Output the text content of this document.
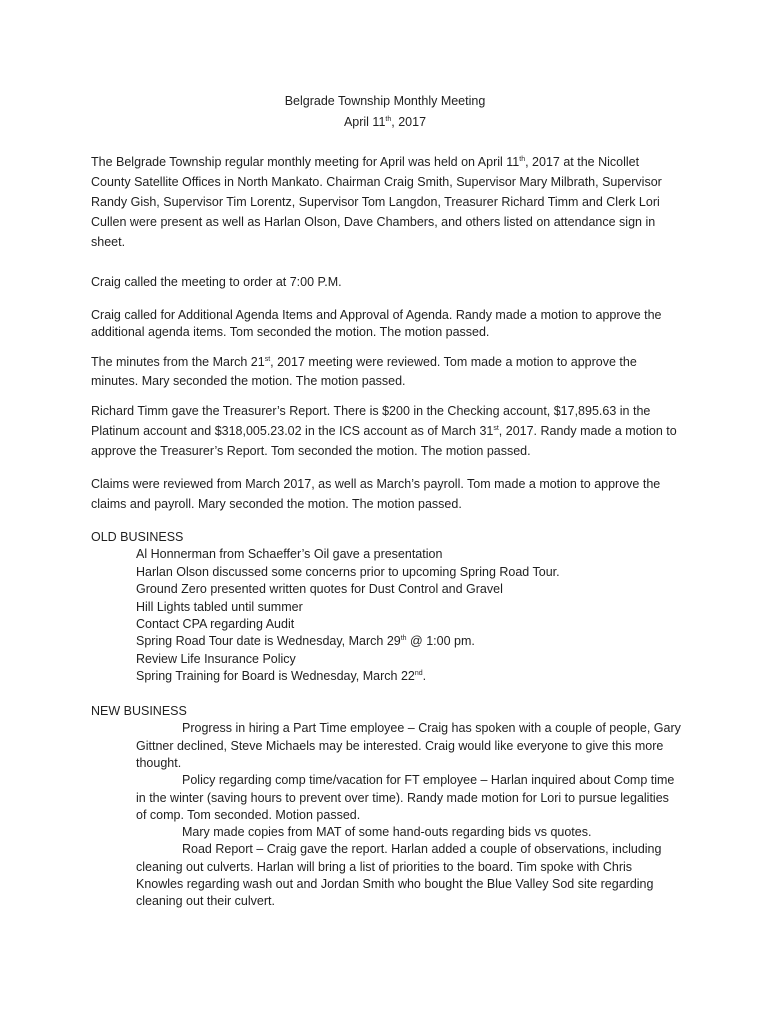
Belgrade Township Monthly Meeting
April 11th, 2017
The Belgrade Township regular monthly meeting for April was held on April 11th, 2017 at the Nicollet
County Satellite Offices in North Mankato. Chairman Craig Smith, Supervisor Mary Milbrath, Supervisor
Randy Gish, Supervisor Tim Lorentz, Supervisor Tom Langdon, Treasurer Richard Timm and Clerk Lori
Cullen were present as well as Harlan Olson, Dave Chambers, and others listed on attendance sign in
sheet.
Craig called the meeting to order at 7:00 P.M.
Craig called for Additional Agenda Items and Approval of Agenda. Randy made a motion to approve the
additional agenda items. Tom seconded the motion. The motion passed.
The minutes from the March 21st, 2017 meeting were reviewed. Tom made a motion to approve the
minutes. Mary seconded the motion. The motion passed.
Richard Timm gave the Treasurer’s Report. There is $200 in the Checking account, $17,895.63 in the
Platinum account and $318,005.23.02 in the ICS account as of March 31st, 2017. Randy made a motion to
approve the Treasurer’s Report. Tom seconded the motion. The motion passed.
Claims were reviewed from March 2017, as well as March’s payroll. Tom made a motion to approve the
claims and payroll. Mary seconded the motion. The motion passed.
OLD BUSINESS
Al Honnerman from Schaeffer’s Oil gave a presentation
Harlan Olson discussed some concerns prior to upcoming Spring Road Tour.
Ground Zero presented written quotes for Dust Control and Gravel
Hill Lights tabled until summer
Contact CPA regarding Audit
Spring Road Tour date is Wednesday, March 29th @ 1:00 pm.
Review Life Insurance Policy
Spring Training for Board is Wednesday, March 22nd.
NEW BUSINESS
Progress in hiring a Part Time employee – Craig has spoken with a couple of people, Gary
Gittner declined, Steve Michaels may be interested. Craig would like everyone to give this more
thought.
Policy regarding comp time/vacation for FT employee – Harlan inquired about Comp time
in the winter (saving hours to prevent over time). Randy made motion for Lori to pursue legalities
of comp. Tom seconded. Motion passed.
Mary made copies from MAT of some hand-outs regarding bids vs quotes.
Road Report – Craig gave the report. Harlan added a couple of observations, including
cleaning out culverts. Harlan will bring a list of priorities to the board. Tim spoke with Chris
Knowles regarding wash out and Jordan Smith who bought the Blue Valley Sod site regarding
cleaning out their culvert.
